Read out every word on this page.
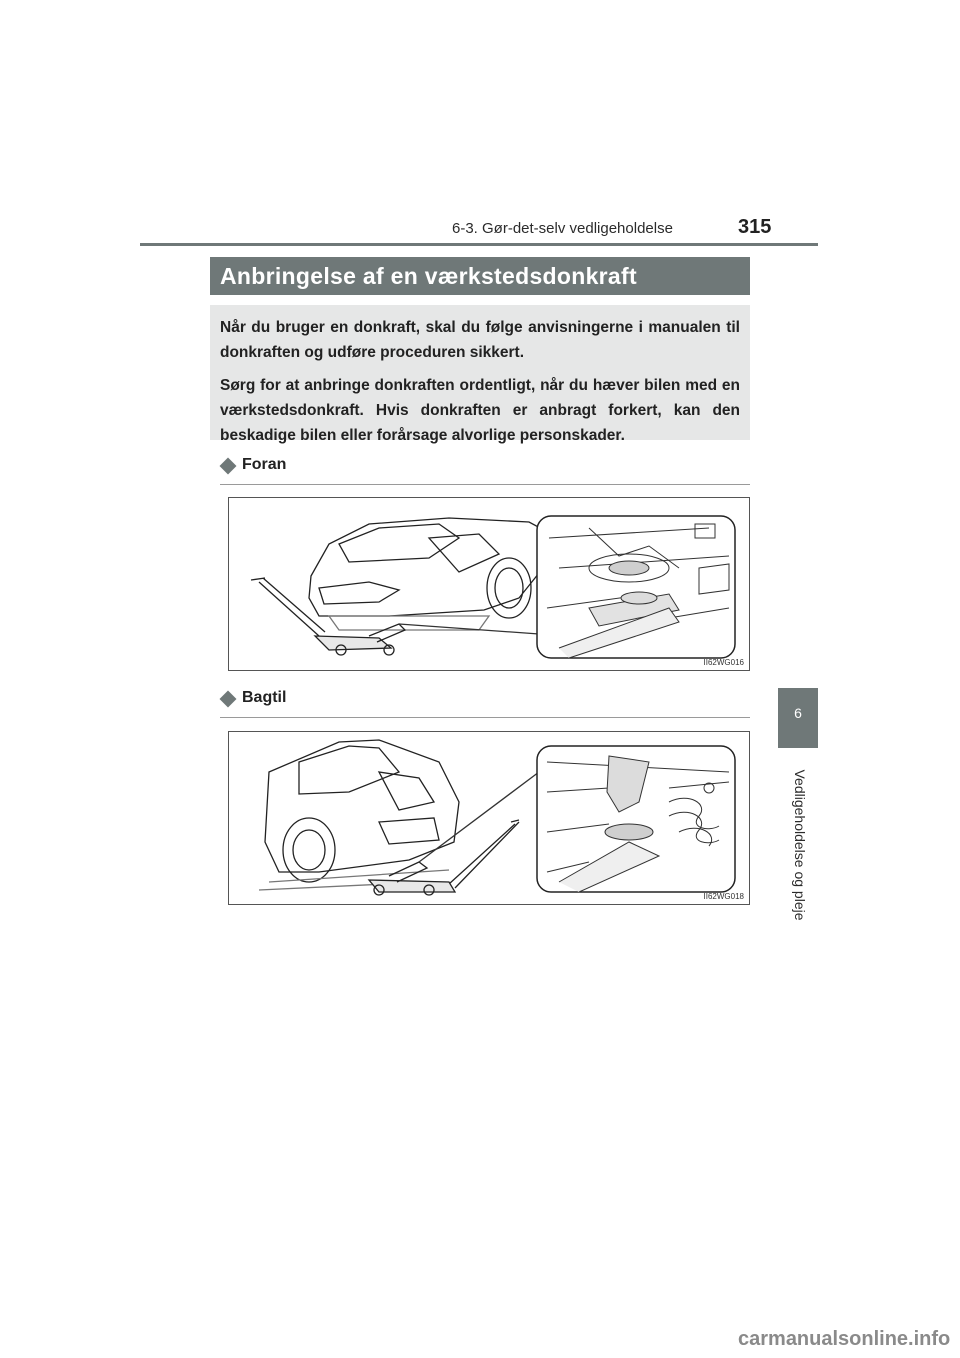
6-3. Gør-det-selv vedligeholdelse	315
6
Vedligeholdelse og pleje
Anbringelse af en værkstedsdonkraft

Når du bruger en donkraft, skal du følge anvisningerne i manualen til donkraften og udføre proceduren sikkert.

Sørg for at anbringe donkraften ordentligt, når du hæver bilen med en værkstedsdonkraft. Hvis donkraften er anbragt forkert, kan den beskadige bilen eller forårsage alvorlige personskader.

Foran
II62WG016
Bagtil
II62WG018
carmanualsonline.info
